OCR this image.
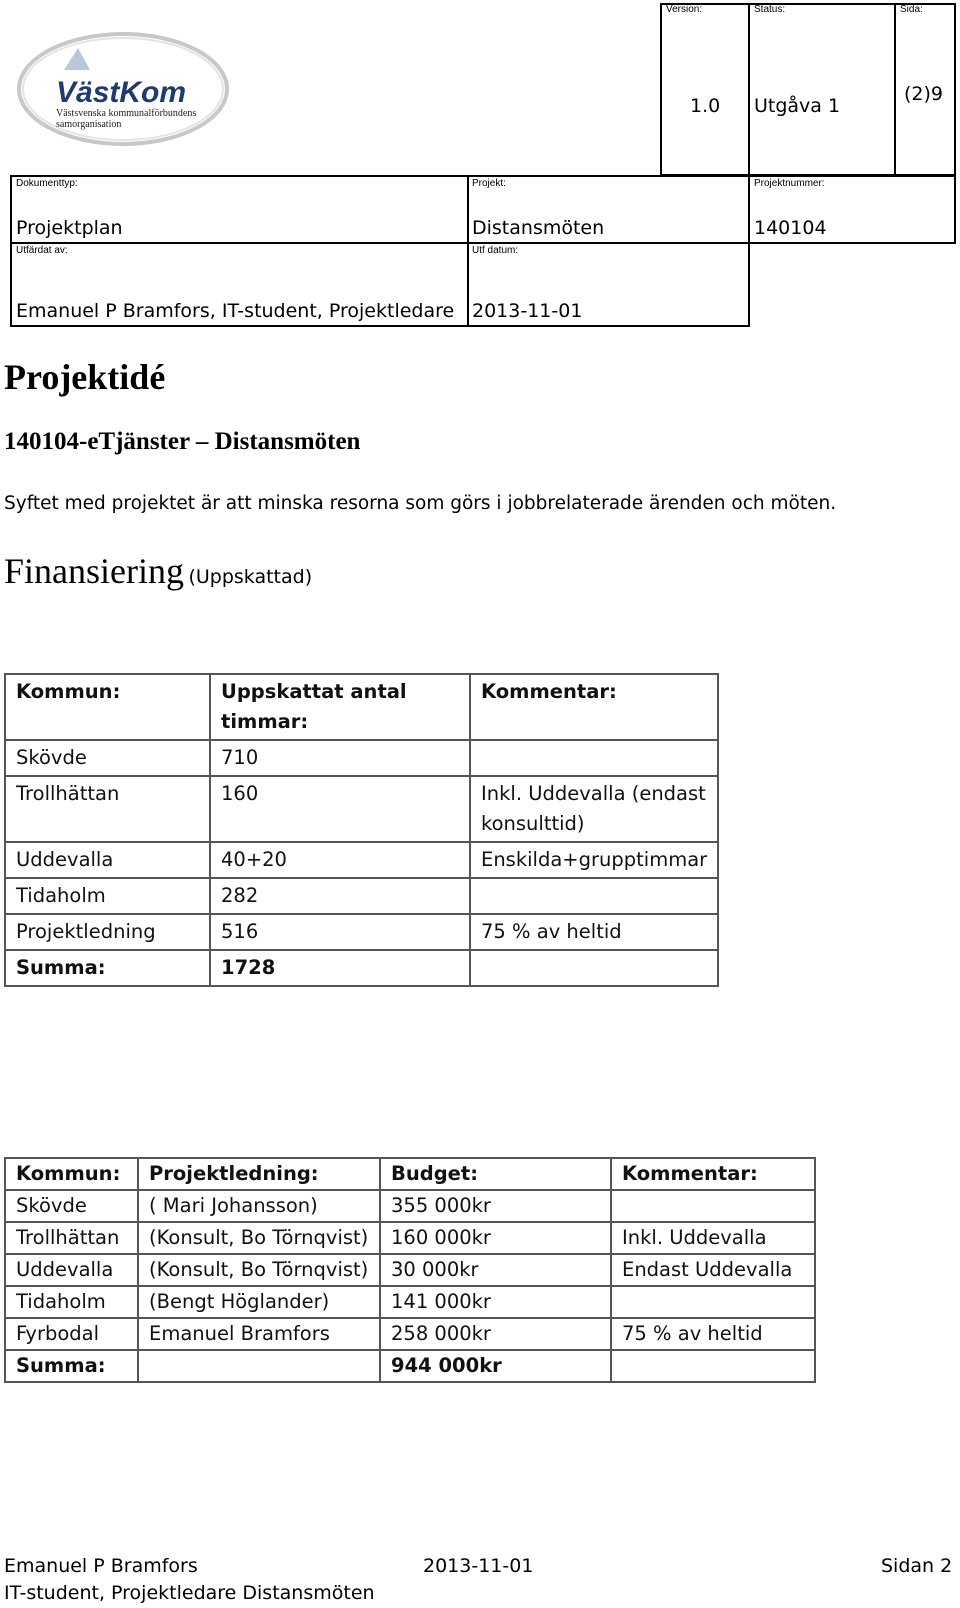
VästKom
Västsvenska kommunalförbundens
samorganisation
Version:	Status:	Sida:
1.0 Utgåva 1
(2)9
Dokumenttyp:	Projekt:	Projektnummer:
Projektplan	Distansmöten	140104
Utfärdat av:	Utf datum:
Emanuel P Bramfors, IT-student, Projektledare 2013-11-01
Projektidé
140104-eTjänster – Distansmöten
Syftet med projektet är att minska resorna som görs i jobbrelaterade ärenden och möten.
Finansiering (Uppskattad)
Kommun:	Uppskattat antal timmar:	Kommentar:
Skövde	710	
Trollhättan	160	Inkl. Uddevalla (endast konsulttid)
Uddevalla	40+20	Enskilda+grupptimmar
Tidaholm	282	
Projektledning	516	75 % av heltid
Summa:	1728	
Kommun:	Projektledning:	Budget:	Kommentar:
Skövde	( Mari Johansson)	355 000kr	
Trollhättan	(Konsult, Bo Törnqvist)	160 000kr	Inkl. Uddevalla
Uddevalla	(Konsult, Bo Törnqvist)	30 000kr	Endast Uddevalla
Tidaholm	(Bengt Höglander)	141 000kr	
Fyrbodal	Emanuel Bramfors	258 000kr	75 % av heltid
Summa:		944 000kr	
Emanuel P Bramfors
IT-student, Projektledare Distansmöten
2013-11-01	Sidan 2
